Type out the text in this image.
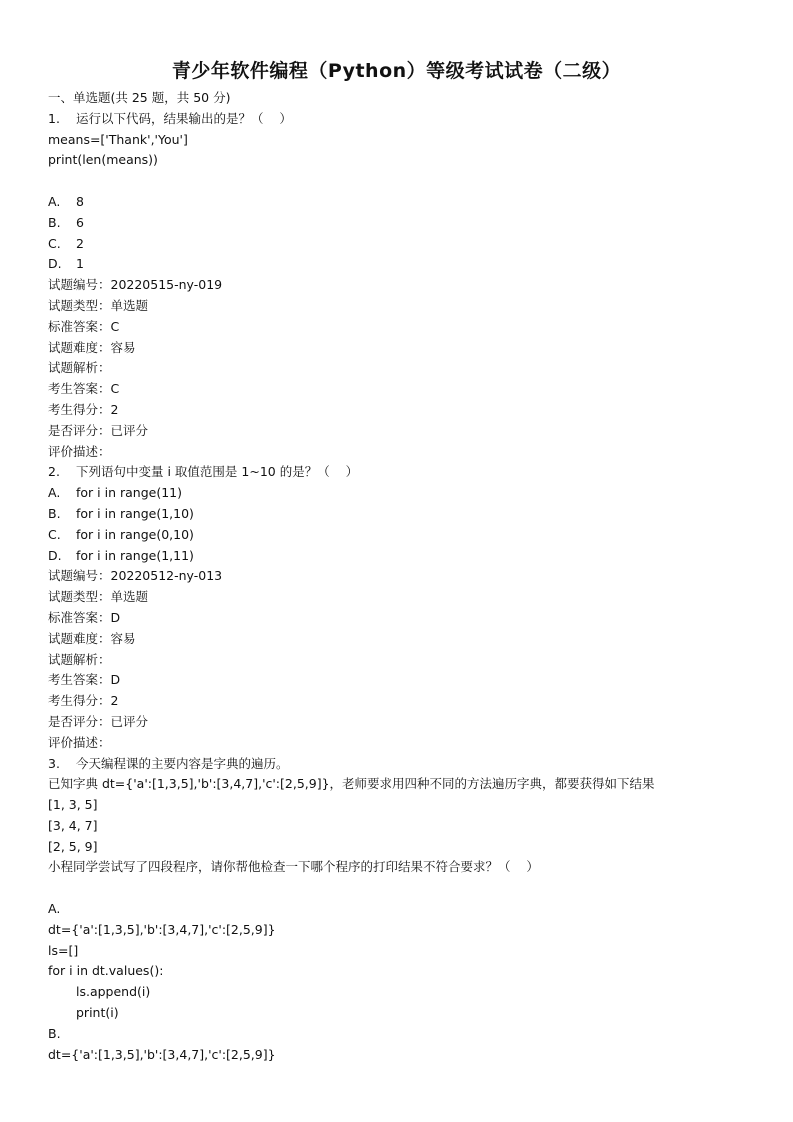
青少年软件编程（Python）等级考试试卷（二级）
一、单选题(共 25 题，共 50 分)
1. 运行以下代码，结果输出的是？（    ）
means=['Thank','You']
print(len(means))
A. 8
B. 6
C. 2
D. 1
试题编号：20220515-ny-019
试题类型：单选题
标准答案：C
试题难度：容易
试题解析：
考生答案：C
考生得分：2
是否评分：已评分
评价描述：
2. 下列语句中变量 i 取值范围是 1~10 的是？（    ）
A. for i in range(11)
B. for i in range(1,10)
C. for i in range(0,10)
D. for i in range(1,11)
试题编号：20220512-ny-013
试题类型：单选题
标准答案：D
试题难度：容易
试题解析：
考生答案：D
考生得分：2
是否评分：已评分
评价描述：
3. 今天编程课的主要内容是字典的遍历。
已知字典 dt={'a':[1,3,5],'b':[3,4,7],'c':[2,5,9]}，老师要求用四种不同的方法遍历字典，都要获得如下结果
[1, 3, 5]
[3, 4, 7]
[2, 5, 9]
小程同学尝试写了四段程序，请你帮他检查一下哪个程序的打印结果不符合要求？（    ）
A.
dt={'a':[1,3,5],'b':[3,4,7],'c':[2,5,9]}
ls=[]
for i in dt.values():
ls.append(i)
print(i)
B.
dt={'a':[1,3,5],'b':[3,4,7],'c':[2,5,9]}
